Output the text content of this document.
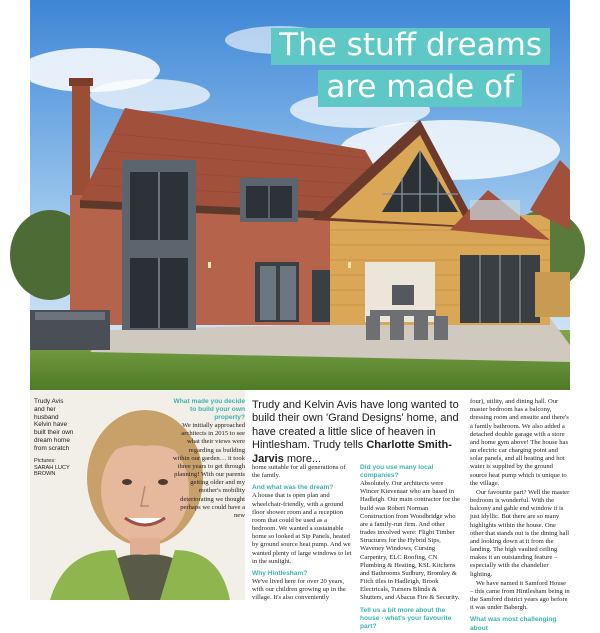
The stuff dreams
are made of
Trudy Avis and her husband Kelvin have built their own dream home from scratch
Pictures: SARAH LUCY BROWN
What made you decide to build your own property?
We initially approached architects in 2015 to see what their views were regarding us building within our garden… it took three years to get through planning! With our parents getting older and my mother's mobility deteriorating we thought perhaps we could have a new
Trudy and Kelvin Avis have long wanted to build their own 'Grand Designs' home, and have created a little slice of heaven in Hintlesham. Trudy tells Charlotte Smith-Jarvis more...
home suitable for all generations of the family.
And what was the dream?
A house that is open plan and wheelchair-friendly, with a ground floor shower room and a reception room that could be used as a bedroom. We wanted a sustainable home so looked at Sip Panels, heated by ground source heat pump. And we wanted plenty of large windows to let in the sunlight.
Why Hintlesham?
We've lived here for over 20 years, with our children growing up in the village. It's also conveniently
Did you use many local companies?
Absolutely. Our architects were Wincer Kievenaar who are based in Hadleigh. Our main contractor for the build was Robert Norman Construction from Woodbridge who are a family-run firm. And other trades involved were: Flight Timber Structures for the Hybrid Sips, Waveney Windows, Cursing Carpentry, ELC Roofing, CN Plumbing & Heating, KSL Kitchens and Bathrooms Sudbury, Bromley & Fitch tiles in Hadleigh, Brook Electricals, Turners Blinds & Shutters, and Abacus Fire & Security.
Tell us a bit more about the house - what's your favourite part?
four), utility, and dining hall. Our master bedroom has a balcony, dressing room and ensuite and there's a family bathroom. We also added a detached double garage with a store and home gym above! The house has an electric car charging point and solar panels, and all heating and hot water is supplied by the ground source heat pump which is unique to the village.
Our favourite part? Well the master bedroom is wonderful. With the balcony and gable end window it is just idyllic. But there are so many highlights within the house. One other that stands out is the dining hall and looking down at it from the landing. The high vaulted ceiling makes it an outstanding feature – especially with the chandelier lighting.
We have named it Samford House – this came from Hintlesham being in the Samford district years ago before it was under Babergh.
What was most challenging about
